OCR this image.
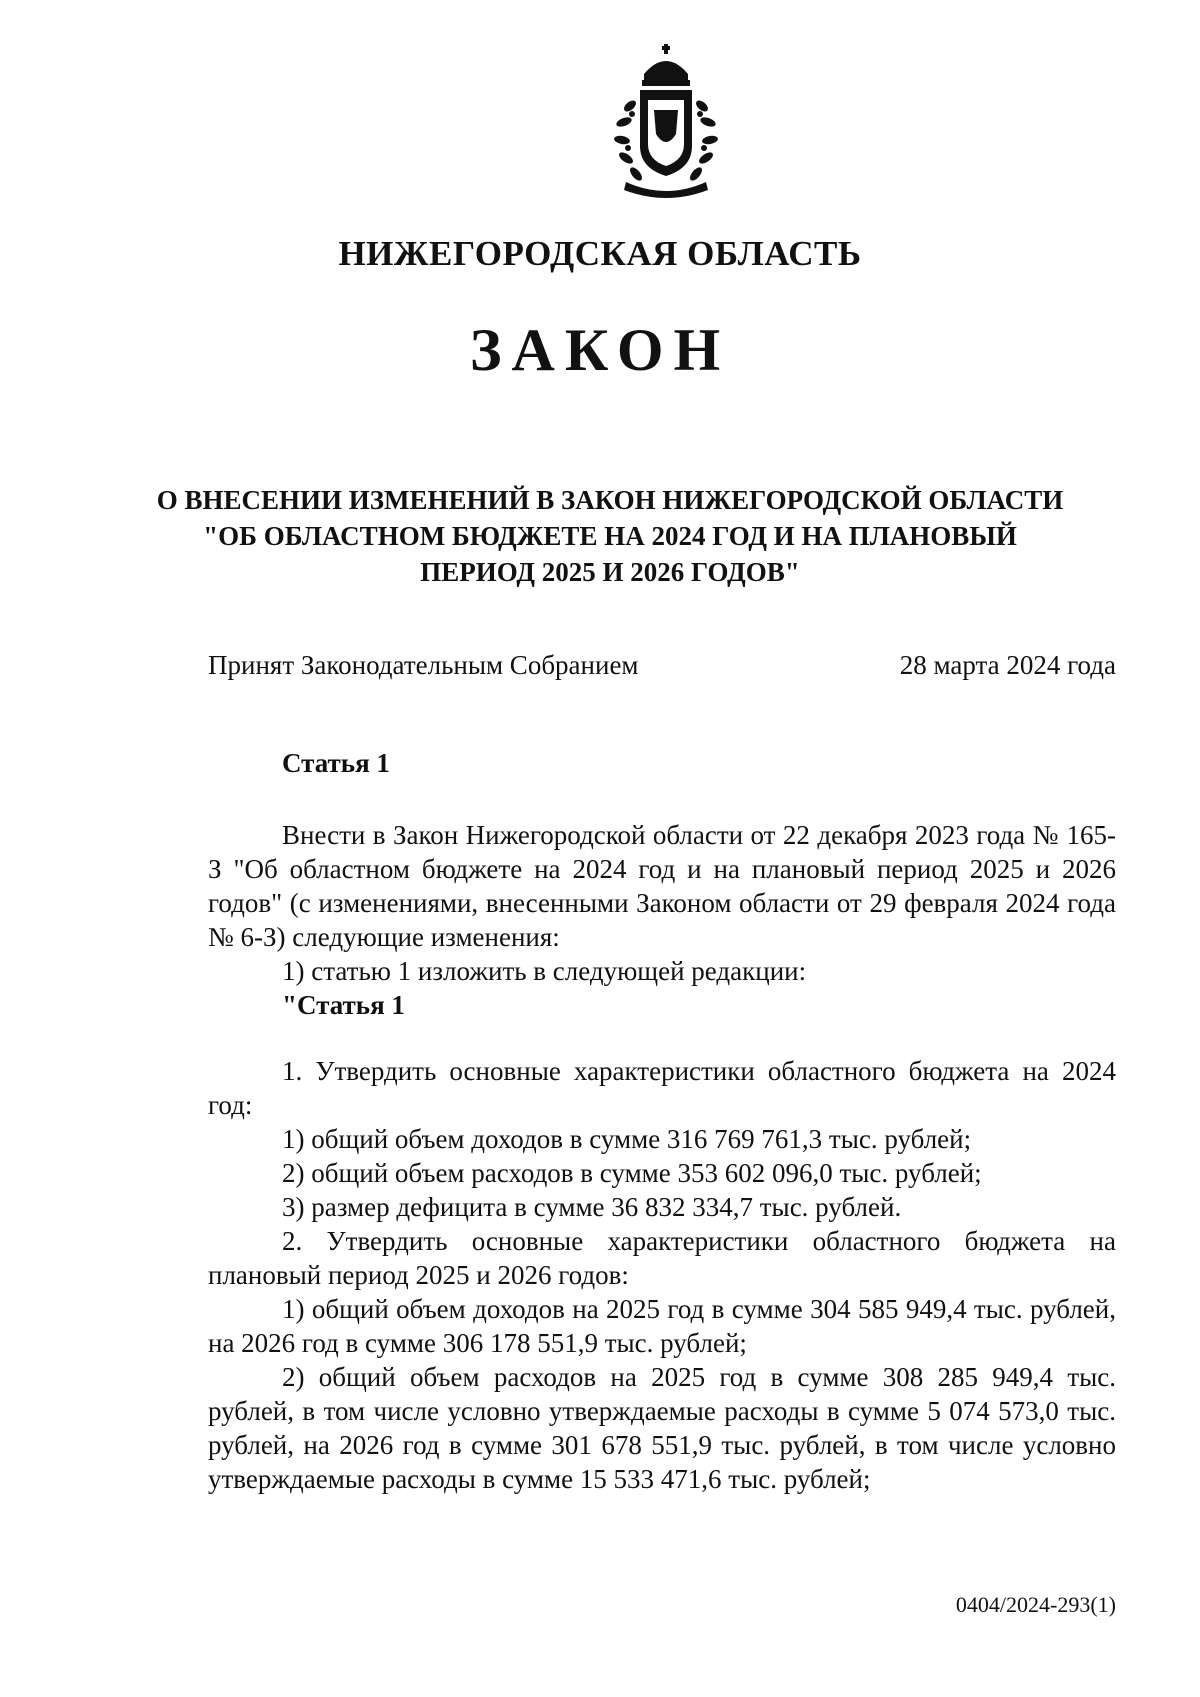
НИЖЕГОРОДСКАЯ ОБЛАСТЬ
ЗАКОН
О ВНЕСЕНИИ ИЗМЕНЕНИЙ В ЗАКОН НИЖЕГОРОДСКОЙ ОБЛАСТИ "ОБ ОБЛАСТНОМ БЮДЖЕТЕ НА 2024 ГОД И НА ПЛАНОВЫЙ ПЕРИОД 2025 И 2026 ГОДОВ"
Принят Законодательным Собранием	28 марта 2024 года

Статья 1

Внести в Закон Нижегородской области от 22 декабря 2023 года № 165-З "Об областном бюджете на 2024 год и на плановый период 2025 и 2026 годов" (с изменениями, внесенными Законом области от 29 февраля 2024 года № 6-З) следующие изменения:

1) статью 1 изложить в следующей редакции:

"Статья 1

1. Утвердить основные характеристики областного бюджета на 2024 год:

1) общий объем доходов в сумме 316 769 761,3 тыс. рублей;

2) общий объем расходов в сумме 353 602 096,0 тыс. рублей;

3) размер дефицита в сумме 36 832 334,7 тыс. рублей.

2. Утвердить основные характеристики областного бюджета на плановый период 2025 и 2026 годов:

1) общий объем доходов на 2025 год в сумме 304 585 949,4 тыс. рублей, на 2026 год в сумме 306 178 551,9 тыс. рублей;

2) общий объем расходов на 2025 год в сумме 308 285 949,4 тыс. рублей, в том числе условно утверждаемые расходы в сумме 5 074 573,0 тыс. рублей, на 2026 год в сумме 301 678 551,9 тыс. рублей, в том числе условно утверждаемые расходы в сумме 15 533 471,6 тыс. рублей;

0404/2024-293(1)
